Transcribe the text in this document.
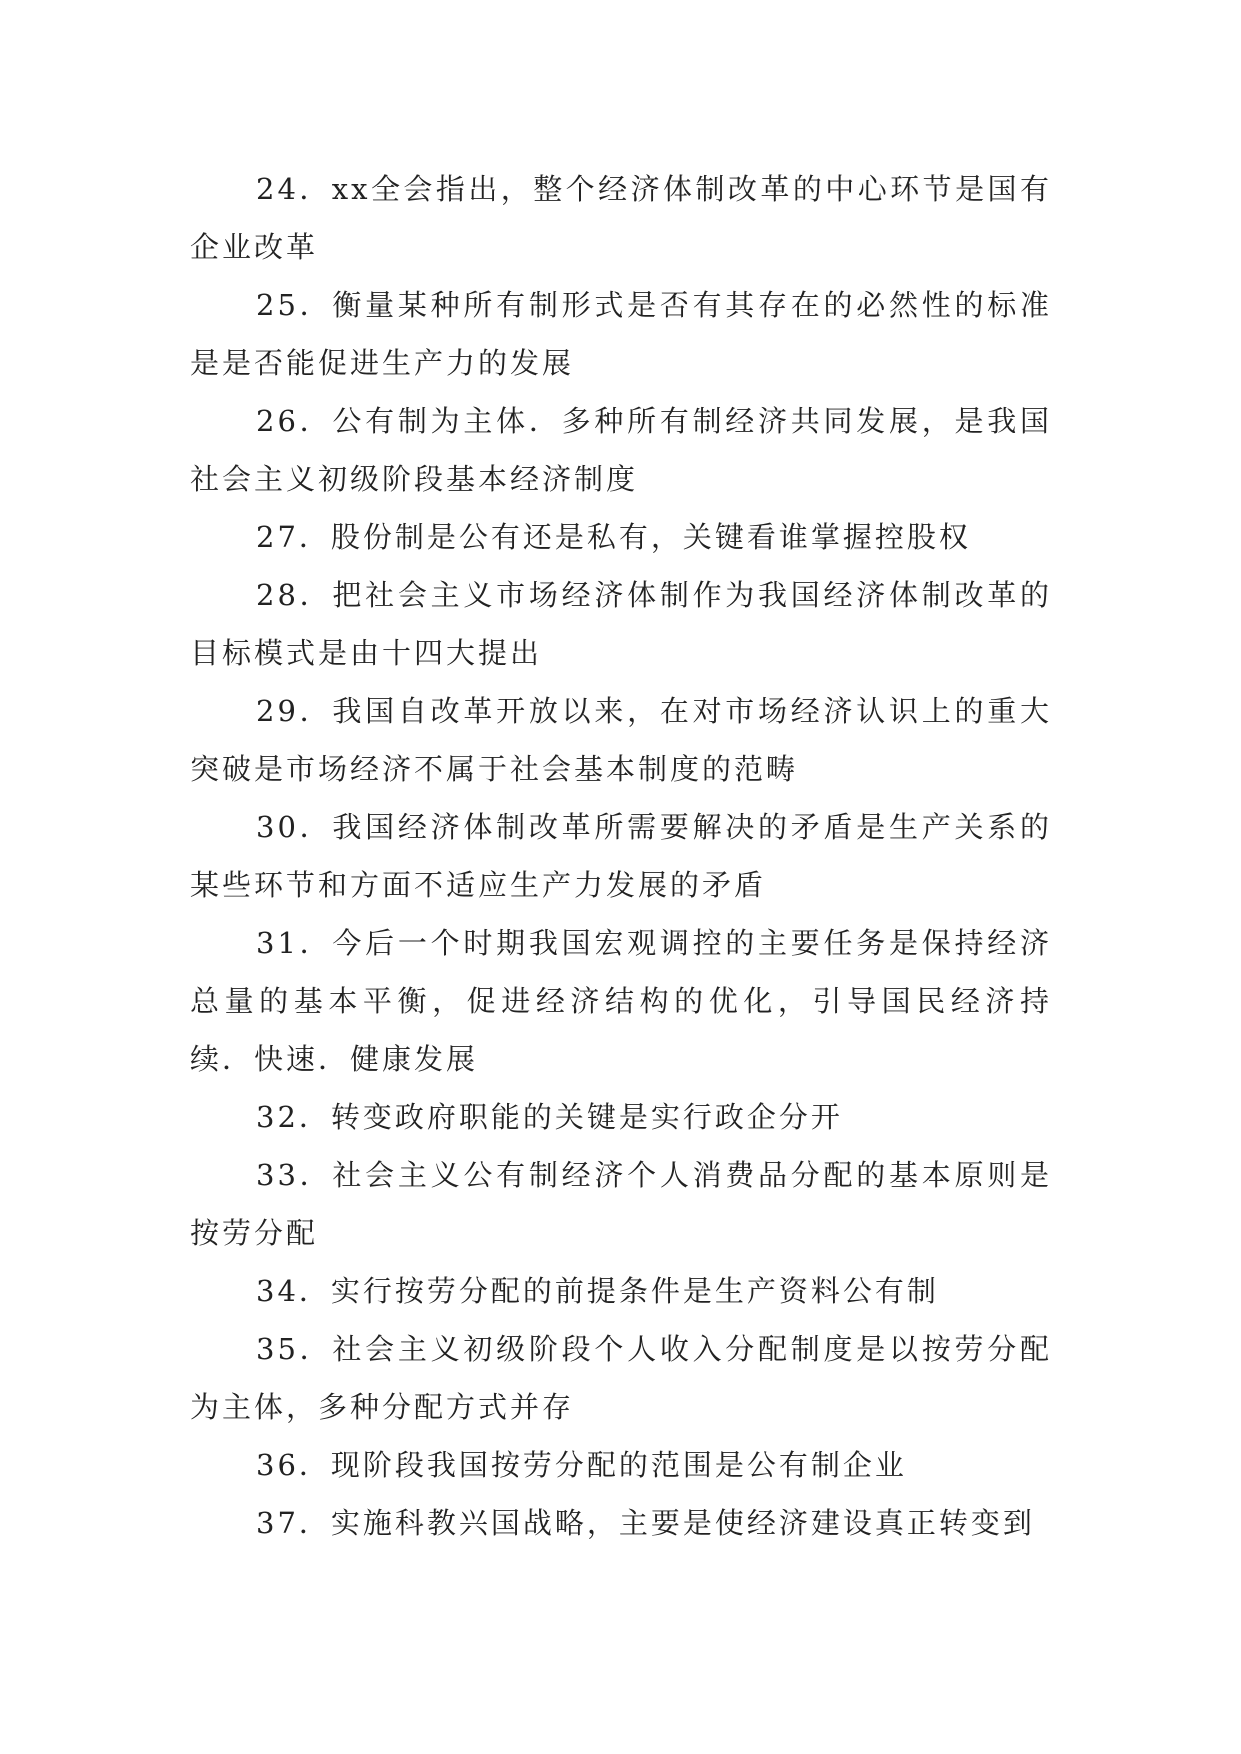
24．xx全会指出，整个经济体制改革的中心环节是国有企业改革

25．衡量某种所有制形式是否有其存在的必然性的标准是是否能促进生产力的发展

26．公有制为主体．多种所有制经济共同发展，是我国社会主义初级阶段基本经济制度

27．股份制是公有还是私有，关键看谁掌握控股权

28．把社会主义市场经济体制作为我国经济体制改革的目标模式是由十四大提出

29．我国自改革开放以来，在对市场经济认识上的重大突破是市场经济不属于社会基本制度的范畴

30．我国经济体制改革所需要解决的矛盾是生产关系的某些环节和方面不适应生产力发展的矛盾

31．今后一个时期我国宏观调控的主要任务是保持经济总量的基本平衡，促进经济结构的优化，引导国民经济持续．快速．健康发展

32．转变政府职能的关键是实行政企分开

33．社会主义公有制经济个人消费品分配的基本原则是按劳分配

34．实行按劳分配的前提条件是生产资料公有制

35．社会主义初级阶段个人收入分配制度是以按劳分配为主体，多种分配方式并存

36．现阶段我国按劳分配的范围是公有制企业

37．实施科教兴国战略，主要是使经济建设真正转变到
